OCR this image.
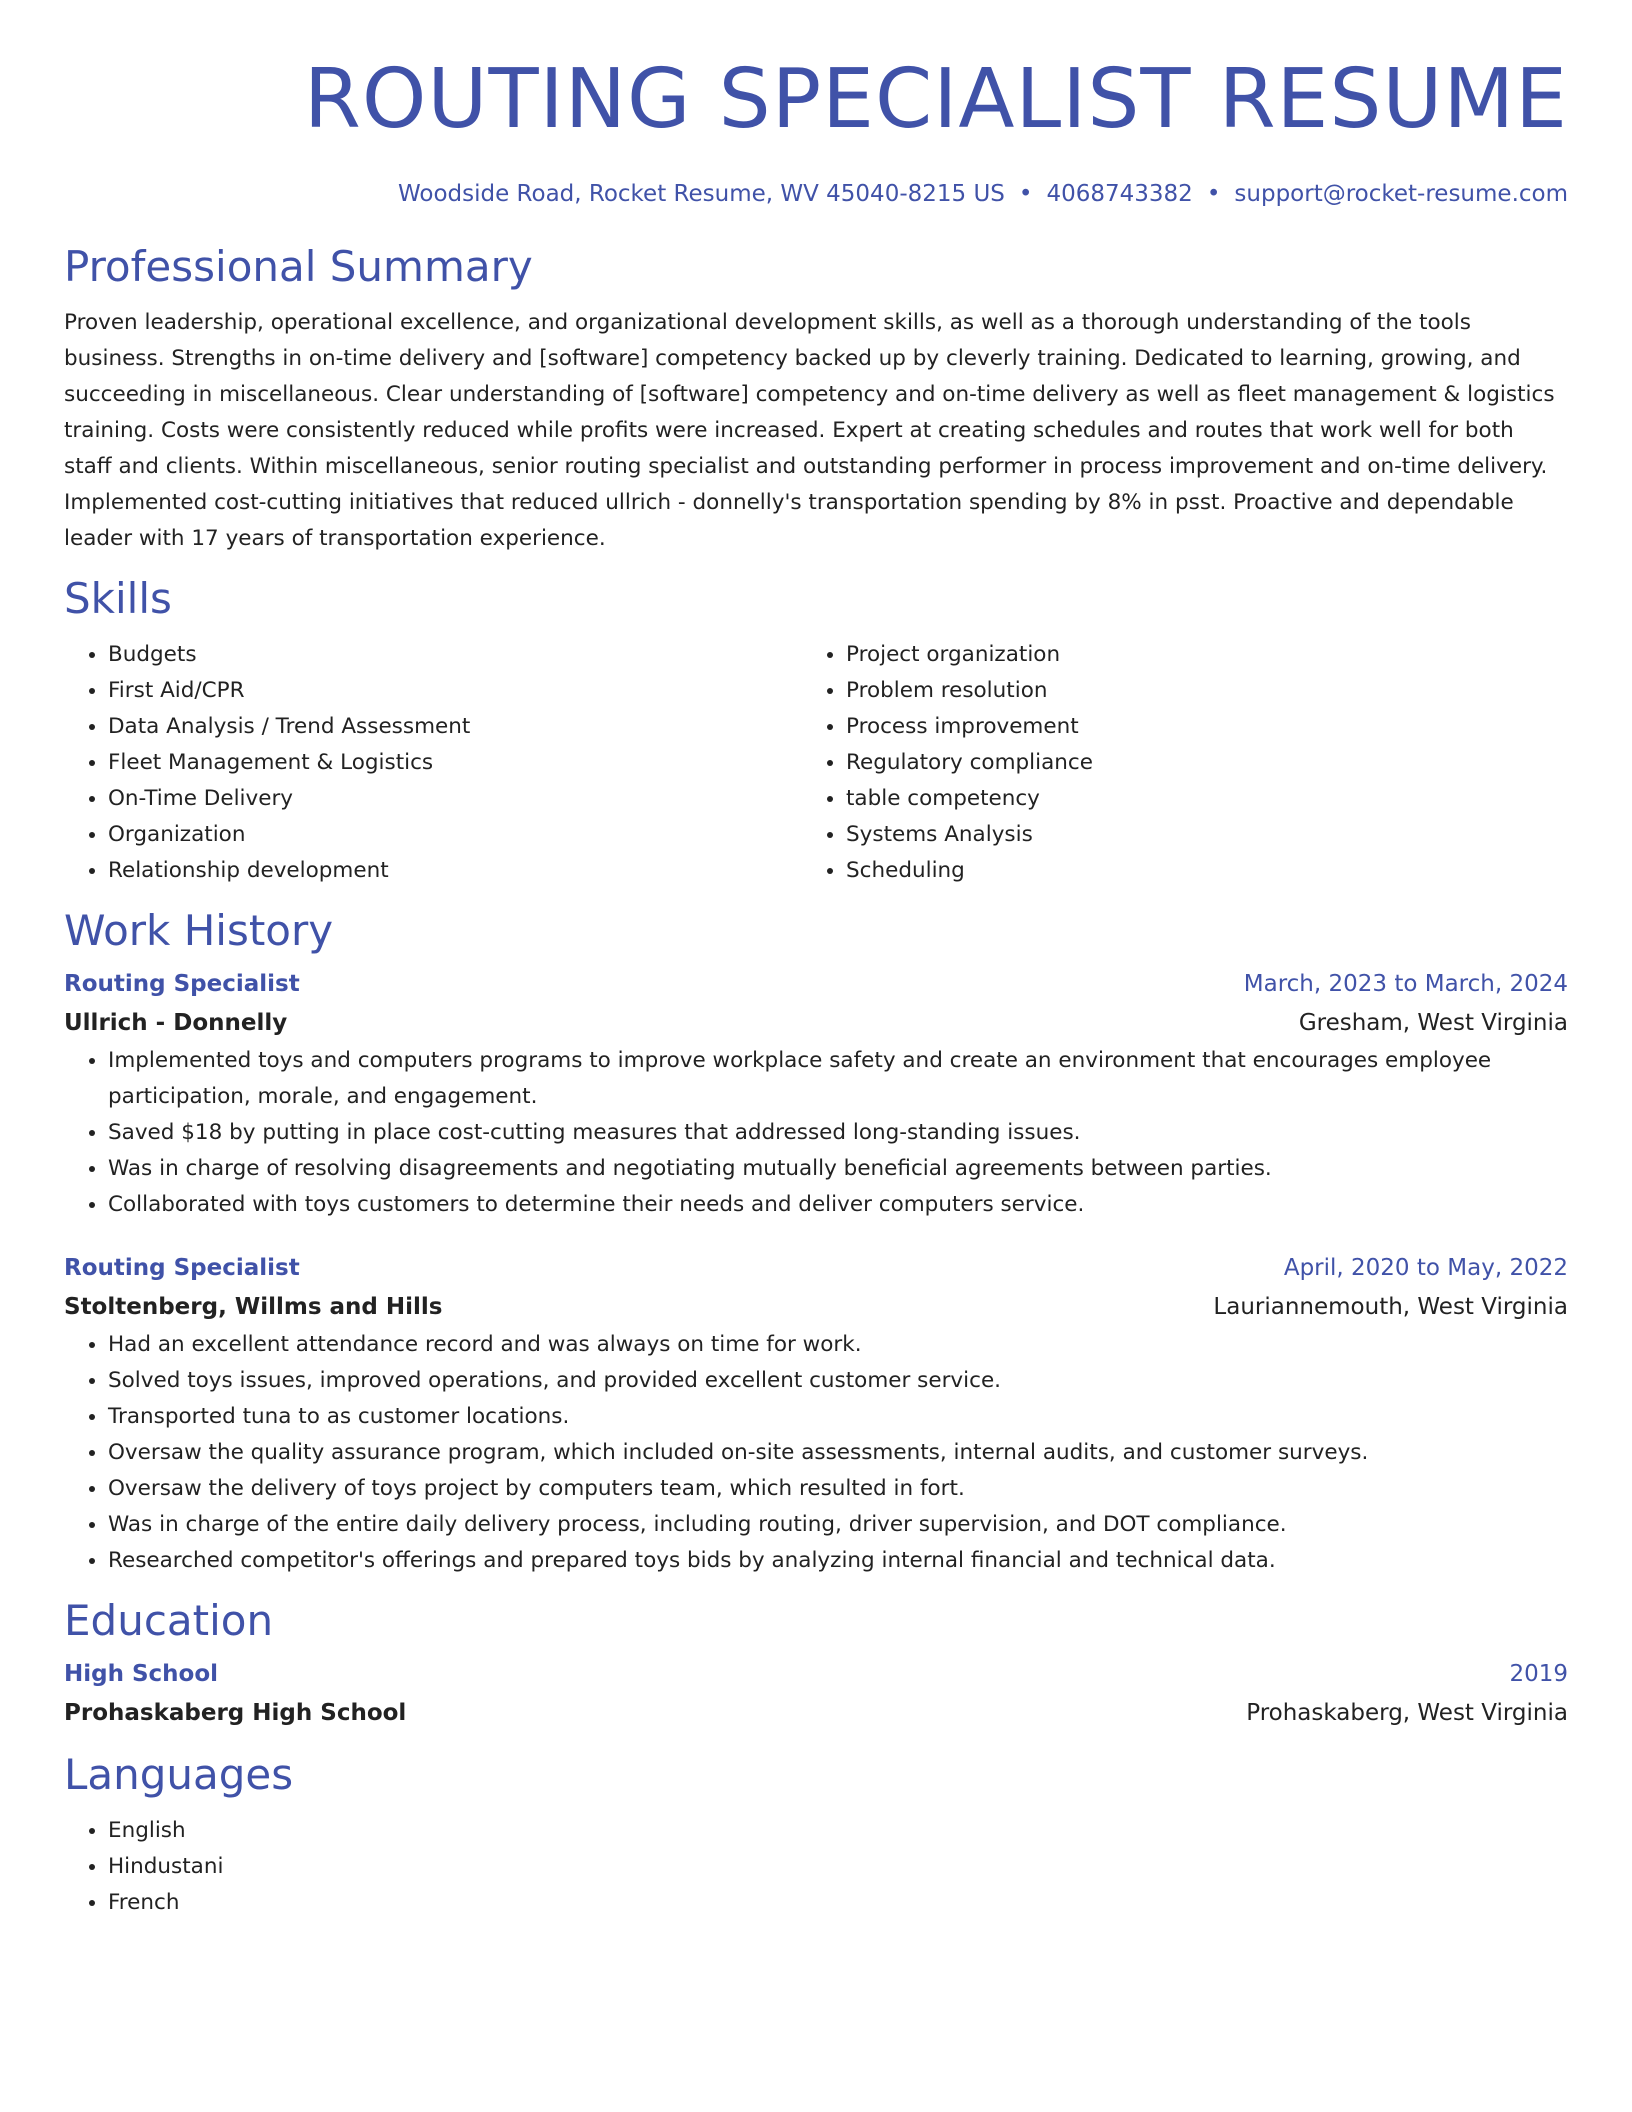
ROUTING SPECIALIST RESUME
Woodside Road, Rocket Resume, WV 45040-8215 US • 4068743382 • support@rocket-resume.com
Professional Summary

Proven leadership, operational excellence, and organizational development skills, as well as a thorough understanding of the tools business. Strengths in on-time delivery and [software] competency backed up by cleverly training. Dedicated to learning, growing, and succeeding in miscellaneous. Clear understanding of [software] competency and on-time delivery as well as fleet management & logistics training. Costs were consistently reduced while profits were increased. Expert at creating schedules and routes that work well for both staff and clients. Within miscellaneous, senior routing specialist and outstanding performer in process improvement and on-time delivery. Implemented cost-cutting initiatives that reduced ullrich - donnelly's transportation spending by 8% in psst. Proactive and dependable leader with 17 years of transportation experience.

Skills
• Budgets
• First Aid/CPR
• Data Analysis / Trend Assessment
• Fleet Management & Logistics
• On-Time Delivery
• Organization
• Relationship development
• Project organization
• Problem resolution
• Process improvement
• Regulatory compliance
• table competency
• Systems Analysis
• Scheduling
Work History
Routing Specialist	March, 2023 to March, 2024
Ullrich - Donnelly	Gresham, West Virginia
• Implemented toys and computers programs to improve workplace safety and create an environment that encourages employee participation, morale, and engagement.
• Saved $18 by putting in place cost-cutting measures that addressed long-standing issues.
• Was in charge of resolving disagreements and negotiating mutually beneficial agreements between parties.
• Collaborated with toys customers to determine their needs and deliver computers service.
Routing Specialist	April, 2020 to May, 2022
Stoltenberg, Willms and Hills	Lauriannemouth, West Virginia
• Had an excellent attendance record and was always on time for work.
• Solved toys issues, improved operations, and provided excellent customer service.
• Transported tuna to as customer locations.
• Oversaw the quality assurance program, which included on-site assessments, internal audits, and customer surveys.
• Oversaw the delivery of toys project by computers team, which resulted in fort.
• Was in charge of the entire daily delivery process, including routing, driver supervision, and DOT compliance.
• Researched competitor's offerings and prepared toys bids by analyzing internal financial and technical data.
Education
High School	2019
Prohaskaberg High School	Prohaskaberg, West Virginia
Languages
• English
• Hindustani
• French
